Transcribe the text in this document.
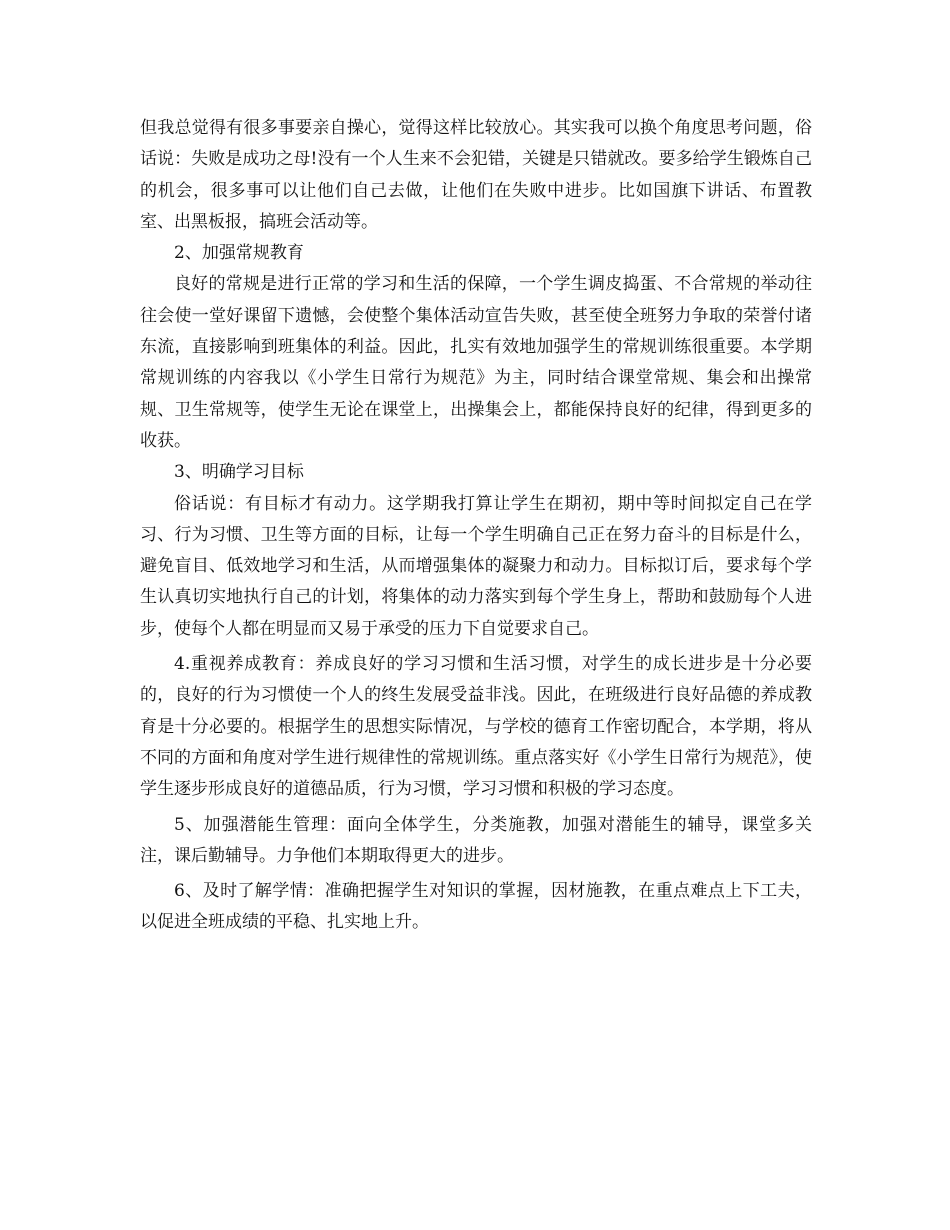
但我总觉得有很多事要亲自操心，觉得这样比较放心。其实我可以换个角度思考问题，俗话说：失败是成功之母!没有一个人生来不会犯错，关键是只错就改。要多给学生锻炼自己的机会，很多事可以让他们自己去做，让他们在失败中进步。比如国旗下讲话、布置教室、出黑板报，搞班会活动等。

2、加强常规教育

良好的常规是进行正常的学习和生活的保障，一个学生调皮捣蛋、不合常规的举动往往会使一堂好课留下遗憾，会使整个集体活动宣告失败，甚至使全班努力争取的荣誉付诸东流，直接影响到班集体的利益。因此，扎实有效地加强学生的常规训练很重要。本学期常规训练的内容我以《小学生日常行为规范》为主，同时结合课堂常规、集会和出操常规、卫生常规等，使学生无论在课堂上，出操集会上，都能保持良好的纪律，得到更多的收获。

3、明确学习目标

俗话说：有目标才有动力。这学期我打算让学生在期初，期中等时间拟定自己在学习、行为习惯、卫生等方面的目标，让每一个学生明确自己正在努力奋斗的目标是什么，避免盲目、低效地学习和生活，从而增强集体的凝聚力和动力。目标拟订后，要求每个学生认真切实地执行自己的计划，将集体的动力落实到每个学生身上，帮助和鼓励每个人进步，使每个人都在明显而又易于承受的压力下自觉要求自己。

4.重视养成教育：养成良好的学习习惯和生活习惯，对学生的成长进步是十分必要的，良好的行为习惯使一个人的终生发展受益非浅。因此，在班级进行良好品德的养成教育是十分必要的。根据学生的思想实际情况，与学校的德育工作密切配合，本学期，将从不同的方面和角度对学生进行规律性的常规训练。重点落实好《小学生日常行为规范》，使学生逐步形成良好的道德品质，行为习惯，学习习惯和积极的学习态度。

5、加强潜能生管理：面向全体学生，分类施教，加强对潜能生的辅导，课堂多关注，课后勤辅导。力争他们本期取得更大的进步。

6、及时了解学情：准确把握学生对知识的掌握，因材施教，在重点难点上下工夫，以促进全班成绩的平稳、扎实地上升。
